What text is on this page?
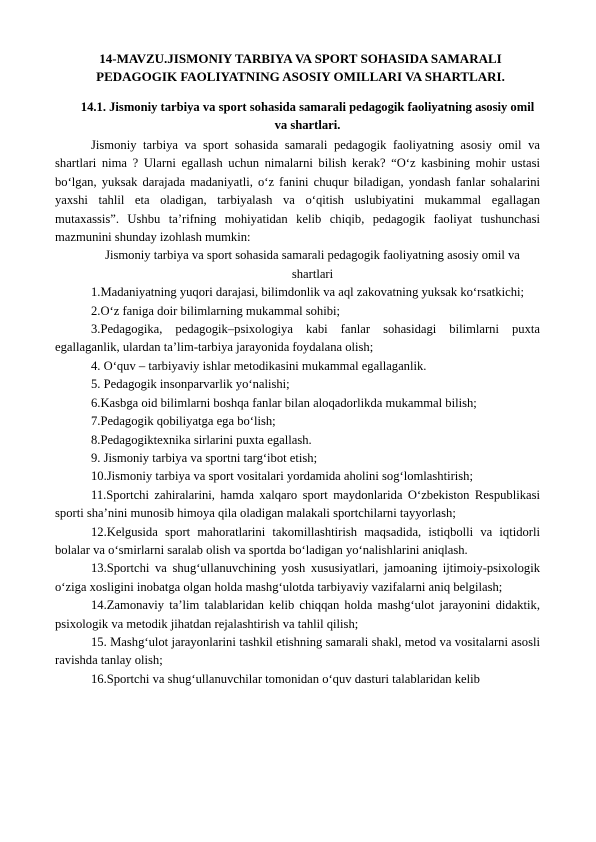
14-MAVZU.JISMONIY TARBIYA VA SPORT SOHASIDA SAMARALI PEDAGOGIK FAOLIYATNING ASOSIY OMILLARI VA SHARTLARI.
14.1. Jismoniy tarbiya va sport sohasida samarali pedagogik faoliyatning asosiy omil va shartlari.

Jismoniy tarbiya va sport sohasida samarali pedagogik faoliyatning asosiy omil va shartlari nima ? Ularni egallash uchun nimalarni bilish kerak? “O‘z kasbining mohir ustasi bo‘lgan, yuksak darajada madaniyatli, o‘z fanini chuqur biladigan, yondash fanlar sohalarini yaxshi tahlil eta oladigan, tarbiyalash va o‘qitish uslubiyatini mukammal egallagan mutaxassis”. Ushbu ta’rifning mohiyatidan kelib chiqib, pedagogik faoliyat tushunchasi mazmunini shunday izohlash mumkin:

Jismoniy tarbiya va sport sohasida samarali pedagogik faoliyatning asosiy omil va shartlari

1.Madaniyatning yuqori darajasi, bilimdonlik va aql zakovatning yuksak ko‘rsatkichi;

2.O‘z faniga doir bilimlarning mukammal sohibi;

3.Pedagogika, pedagogik–psixologiya kabi fanlar sohasidagi bilimlarni puxta egallaganlik, ulardan ta’lim-tarbiya jarayonida foydalana olish;

4. O‘quv – tarbiyaviy ishlar metodikasini mukammal egallaganlik.

5. Pedagogik insonparvarlik yo‘nalishi;

6.Kasbga oid bilimlarni boshqa fanlar bilan aloqadorlikda mukammal bilish;

7.Pedagogik qobiliyatga ega bo‘lish;

8.Pedagogiktexnika sirlarini puxta egallash.

9. Jismoniy tarbiya va sportni targ‘ibot etish;

10.Jismoniy tarbiya va sport vositalari yordamida aholini sog‘lomlashtirish;

11.Sportchi zahiralarini, hamda xalqaro sport maydonlarida O‘zbekiston Respublikasi sporti sha’nini munosib himoya qila oladigan malakali sportchilarni tayyorlash;

12.Kelgusida sport mahoratlarini takomillashtirish maqsadida, istiqbolli va iqtidorli bolalar va o‘smirlarni saralab olish va sportda bo‘ladigan yo‘nalishlarini aniqlash.

13.Sportchi va shug‘ullanuvchining yosh xususiyatlari, jamoaning ijtimoiy-psixologik o‘ziga xosligini inobatga olgan holda mashg‘ulotda tarbiyaviy vazifalarni aniq belgilash;

14.Zamonaviy ta’lim talablaridan kelib chiqqan holda mashg‘ulot jarayonini didaktik, psixologik va metodik jihatdan rejalashtirish va tahlil qilish;

15. Mashg‘ulot jarayonlarini tashkil etishning samarali shakl, metod va vositalarni asosli ravishda tanlay olish;

16.Sportchi va shug‘ullanuvchilar tomonidan o‘quv dasturi talablaridan kelib
